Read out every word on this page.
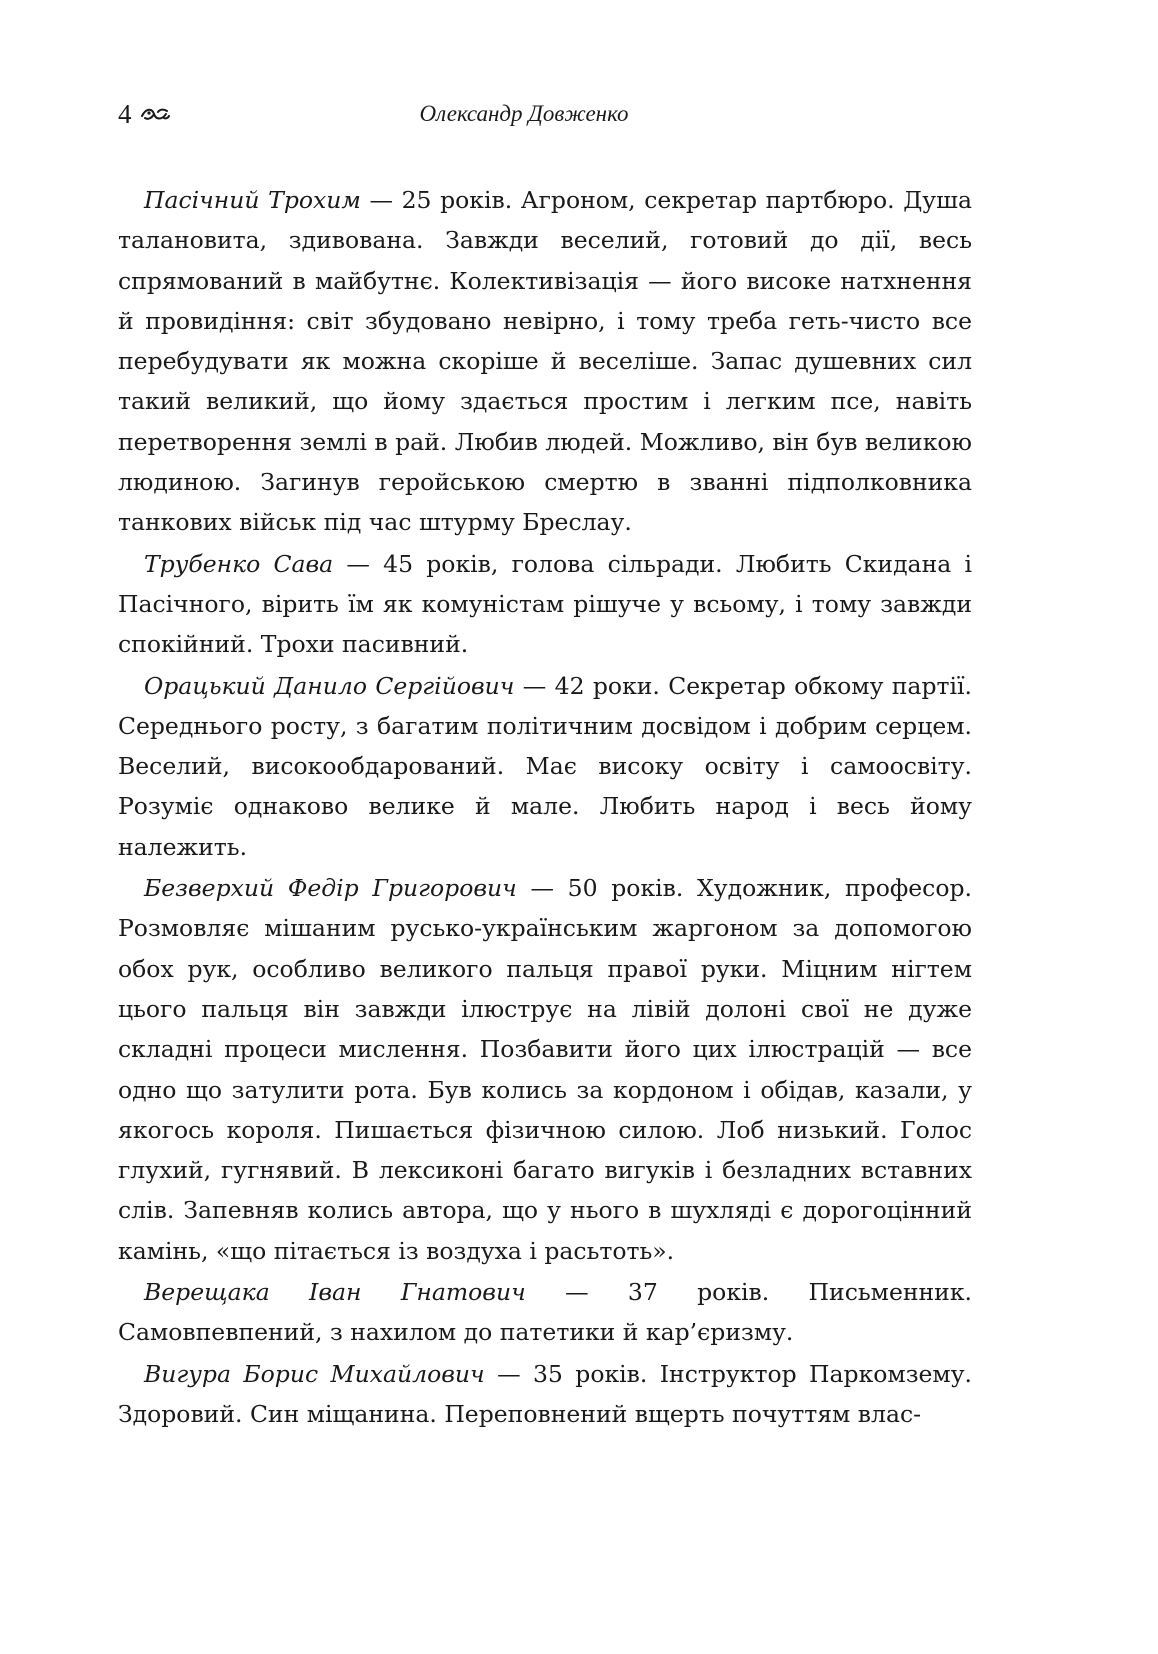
4	Олександр Довженко

Пасічний Трохим — 25 років. Агроном, секретар партбюро. Душа талановита, здивована. Завжди веселий, готовий до дії, весь спрямований в майбутнє. Колективізація — його високе натхнення й провидіння: світ збудовано невірно, і тому треба геть-чисто все перебудувати як можна скоріше й веселіше. Запас душевних сил такий великий, що йому здається простим і легким псе, навіть перетворення землі в рай. Любив людей. Можливо, він був великою людиною. Загинув геройською смертю в званні підполковника танкових військ під час штурму Бреслау.

Трубенко Сава — 45 років, голова сільради. Любить Скидана і Пасічного, вірить їм як комуністам рішуче у всьому, і тому завжди спокійний. Трохи пасивний.

Орацький Данило Сергійович — 42 роки. Секретар обкому партії. Середнього росту, з багатим політичним досвідом і добрим серцем. Веселий, високообдарований. Має високу освіту і самоосвіту. Розуміє однаково велике й мале. Любить народ і весь йому належить.

Безверхий Федір Григорович — 50 років. Художник, професор. Розмовляє мішаним русько-українським жаргоном за допомогою обох рук, особливо великого пальця правої руки. Міцним нігтем цього пальця він завжди ілюструє на лівій долоні свої не дуже складні процеси мислення. Позбавити його цих ілюстрацій — все одно що затулити рота. Був колись за кордоном і обідав, казали, у якогось короля. Пишається фізичною силою. Лоб низький. Голос глухий, гугнявий. В лексиконі багато вигуків і безладних вставних слів. Запевняв колись автора, що у нього в шухляді є дорогоцінний камінь, «що пітається із воздуха і расьтоть».

Верещака Іван Гнатович — 37 років. Письменник. Самовпевпений, з нахилом до патетики й кар’єризму.

Вигура Борис Михайлович — 35 років. Інструктор Паркомзему. Здоровий. Син міщанина. Переповнений вщерть почуттям влас-
